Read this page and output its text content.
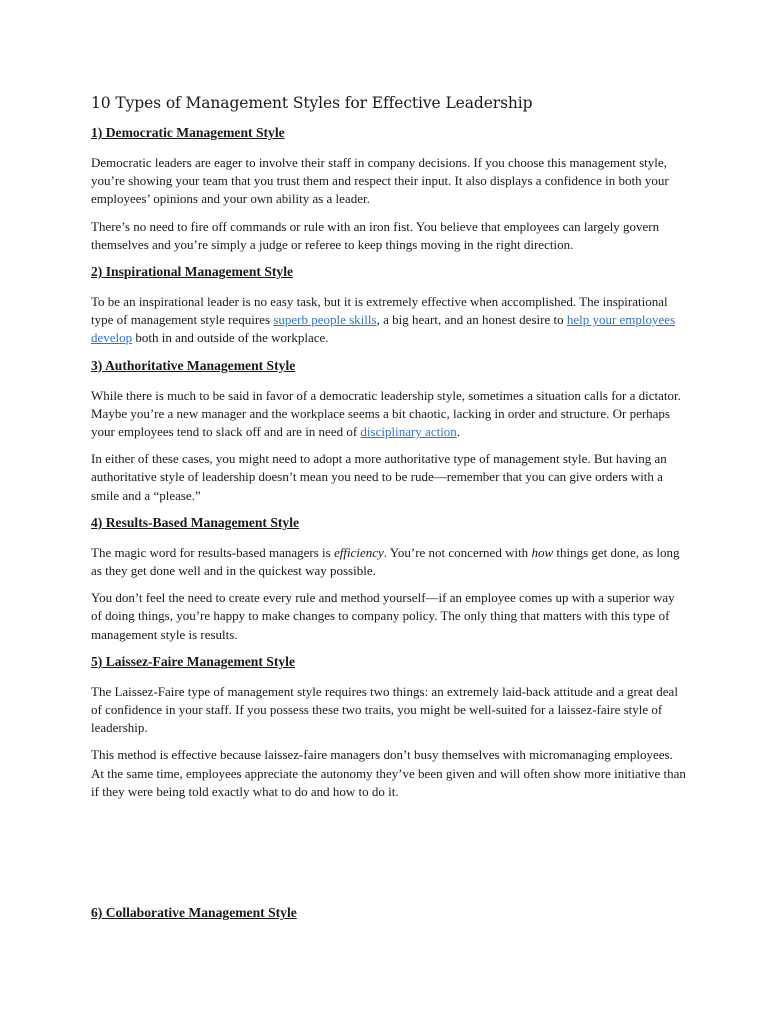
10 Types of Management Styles for Effective Leadership
1) Democratic Management Style

Democratic leaders are eager to involve their staff in company decisions. If you choose this management style, you’re showing your team that you trust them and respect their input. It also displays a confidence in both your employees’ opinions and your own ability as a leader.

There’s no need to fire off commands or rule with an iron fist. You believe that employees can largely govern themselves and you’re simply a judge or referee to keep things moving in the right direction.

2) Inspirational Management Style

To be an inspirational leader is no easy task, but it is extremely effective when accomplished. The inspirational type of management style requires superb people skills, a big heart, and an honest desire to help your employees develop both in and outside of the workplace.

3) Authoritative Management Style

While there is much to be said in favor of a democratic leadership style, sometimes a situation calls for a dictator. Maybe you’re a new manager and the workplace seems a bit chaotic, lacking in order and structure. Or perhaps your employees tend to slack off and are in need of disciplinary action.

In either of these cases, you might need to adopt a more authoritative type of management style. But having an authoritative style of leadership doesn’t mean you need to be rude—remember that you can give orders with a smile and a “please.”

4) Results-Based Management Style

The magic word for results-based managers is efficiency. You’re not concerned with how things get done, as long as they get done well and in the quickest way possible.

You don’t feel the need to create every rule and method yourself—if an employee comes up with a superior way of doing things, you’re happy to make changes to company policy. The only thing that matters with this type of management style is results.

5) Laissez-Faire Management Style

The Laissez-Faire type of management style requires two things: an extremely laid-back attitude and a great deal of confidence in your staff. If you possess these two traits, you might be well-suited for a laissez-faire style of leadership.

This method is effective because laissez-faire managers don’t busy themselves with micromanaging employees. At the same time, employees appreciate the autonomy they’ve been given and will often show more initiative than if they were being told exactly what to do and how to do it.

6) Collaborative Management Style
